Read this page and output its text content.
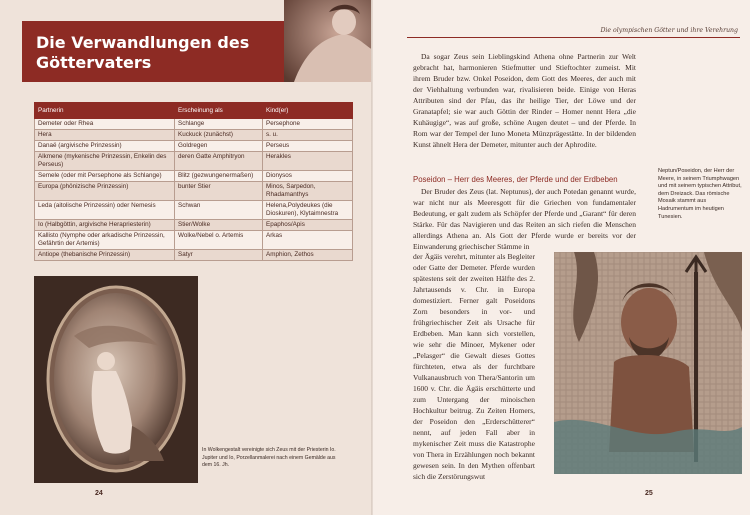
Die Verwandlungen des Göttervaters
Partnerin	Erscheinung als	Kind(er)
Demeter oder Rhea	Schlange	Persephone
Hera	Kuckuck (zunächst)	s. u.
Danaë (argivische Prinzessin)	Goldregen	Perseus
Alkmene (mykenische Prinzessin, Enkelin des Perseus)	deren Gatte Amphitryon	Herakles
Semele (oder mit Persephone als Schlange)	Blitz (gezwungenermaßen)	Dionysos
Europa (phönizische Prinzessin)	bunter Stier	Minos, Sarpedon, Rhadamanthys
Leda (aitolische Prinzessin) oder Nemesis	Schwan	Helena,Polydeukes (die Dioskuren), Klytaimnestra
Io (Halbgöttin, argivische Herapriesterin)	Stier/Wolke	Epaphos/Apis
Kallisto (Nymphe oder arkadische Prinzessin, Gefährtin der Artemis)	Wolke/Nebel o. Artemis	Arkas
Antiope (thebanische Prinzessin)	Satyr	Amphion, Zethos
In Wolkengestalt vereinigte sich Zeus mit der Priesterin Io. Jupiter und Io, Porzellanmalerei nach einem Gemälde aus dem 16. Jh.
24
Die olympischen Götter und ihre Verehrung
Da sogar Zeus sein Lieblingskind Athena ohne Partnerin zur Welt gebracht hat, harmonieren Stiefmutter und Stieftochter zumeist. Mit ihrem Bruder bzw. Onkel Poseidon, dem Gott des Meeres, der auch mit der Viehhaltung verbunden war, rivalisieren beide. Einige von Heras Attributen sind der Pfau, das ihr heilige Tier, der Löwe und der Granatapfel; sie war auch Göttin der Rinder – Homer nennt Hera „die Kuhäugige“, was auf große, schöne Augen deutet – und der Pferde. In Rom war der Tempel der Iuno Moneta Münzprägestätte. In der bildenden Kunst ähnelt Hera der Demeter, mitunter auch der Aphrodite.
Poseidon – Herr des Meeres, der Pferde und der Erdbeben
Der Bruder des Zeus (lat. Neptunus), der auch Potedan genannt wurde, war nicht nur als Meeresgott für die Griechen von fundamentaler Bedeutung, er galt zudem als Schöpfer der Pferde und „Garant“ für deren Stärke. Für das Navigieren und das Reiten an sich riefen die Menschen allerdings Athena an. Als Gott der Pferde wurde er bereits vor der Einwanderung griechischer Stämme in
der Ägäis verehrt, mitunter als Begleiter oder Gatte der Demeter. Pferde wurden spätestens seit der zweiten Hälfte des 2. Jahrtausends v. Chr. in Europa domestiziert. Ferner galt Poseidons Zorn besonders in vor- und frühgriechischer Zeit als Ursache für Erdbeben. Man kann sich vorstellen, wie sehr die Minoer, Mykener oder „Pelasger“ die Gewalt dieses Gottes fürchteten, etwa als der furchtbare Vulkanausbruch von Thera/Santorin um 1600 v. Chr. die Ägäis erschütterte und zum Untergang der minoischen Hochkultur beitrug. Zu Zeiten Homers, der Poseidon den „Erderschütterer“ nennt, auf jeden Fall aber in mykenischer Zeit muss die Katastrophe von Thera in Erzählungen noch bekannt gewesen sein. In den Mythen offenbart sich die Zerstörungswut
25
Neptun/Poseidon, der Herr der Meere, in seinem Triumphwagen und mit seinem typischen Attribut, dem Dreizack. Das römische Mosaik stammt aus Hadrumentum im heutigen Tunesien.
